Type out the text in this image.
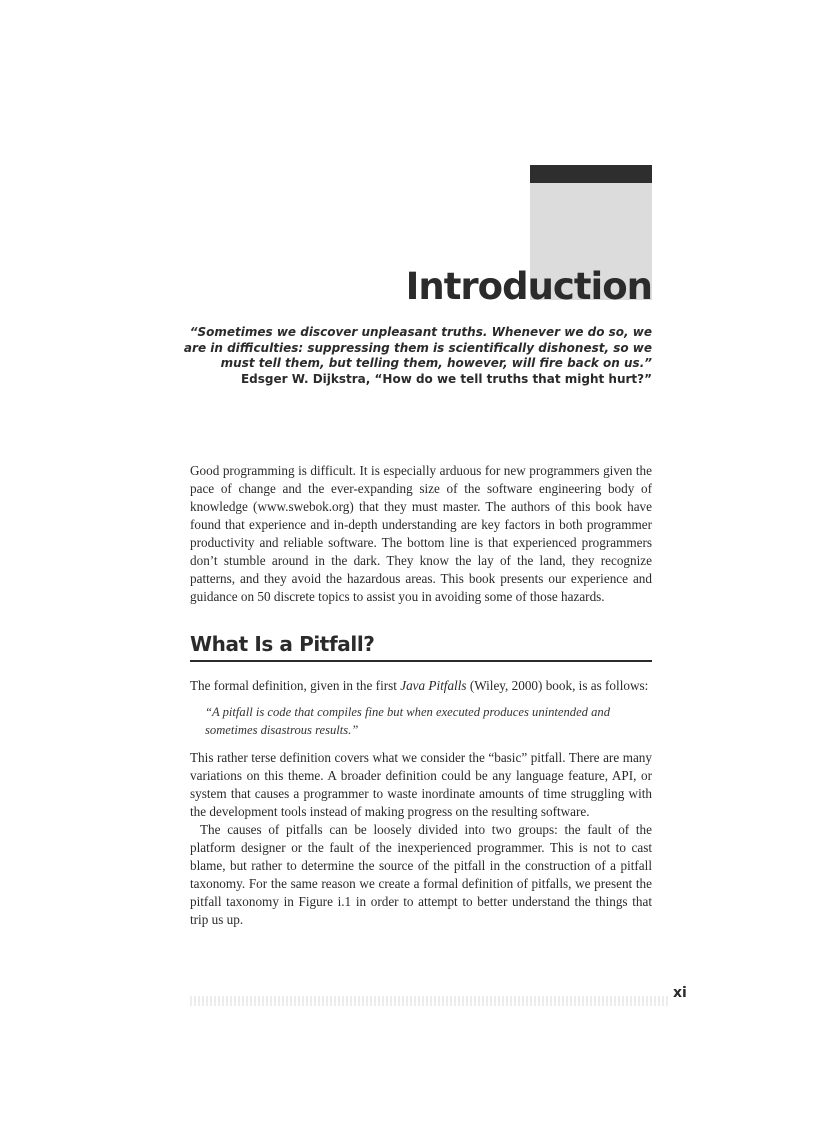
Introduction

“Sometimes we discover unpleasant truths. Whenever we do so, we are in difficulties: suppressing them is scientifically dishonest, so we must tell them, but telling them, however, will fire back on us.”

Edsger W. Dijkstra, “How do we tell truths that might hurt?”

Good programming is difficult. It is especially arduous for new programmers given the pace of change and the ever-expanding size of the software engineering body of knowledge (www.swebok.org) that they must master. The authors of this book have found that experience and in-depth understanding are key factors in both programmer productivity and reliable software. The bottom line is that experienced programmers don’t stumble around in the dark. They know the lay of the land, they recognize patterns, and they avoid the hazardous areas. This book presents our experience and guidance on 50 discrete topics to assist you in avoiding some of those hazards.

What Is a Pitfall?

The formal definition, given in the first Java Pitfalls (Wiley, 2000) book, is as follows:

“A pitfall is code that compiles fine but when executed produces unintended and sometimes disastrous results.”

This rather terse definition covers what we consider the “basic” pitfall. There are many variations on this theme. A broader definition could be any language feature, API, or system that causes a programmer to waste inordinate amounts of time struggling with the development tools instead of making progress on the resulting software.

The causes of pitfalls can be loosely divided into two groups: the fault of the platform designer or the fault of the inexperienced programmer. This is not to cast blame, but rather to determine the source of the pitfall in the construction of a pitfall taxonomy. For the same reason we create a formal definition of pitfalls, we present the pitfall taxonomy in Figure i.1 in order to attempt to better understand the things that trip us up.

xi
